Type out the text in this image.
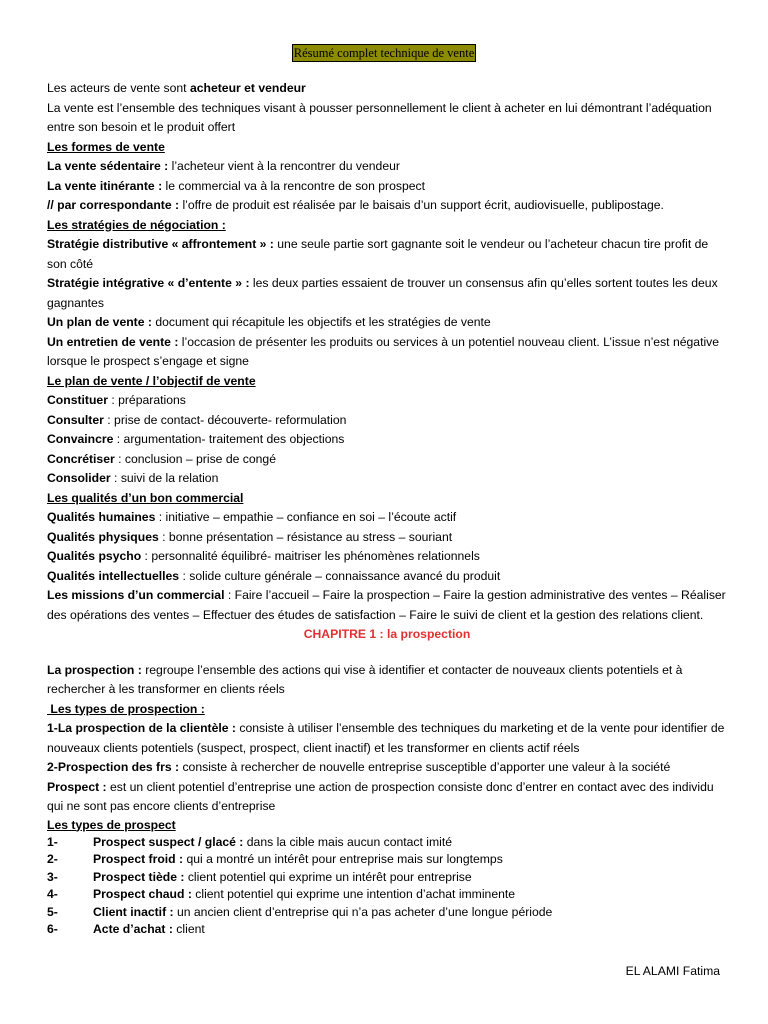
Résumé complet technique de vente

Les acteurs de vente sont acheteur et vendeur

La vente est l’ensemble des techniques visant à pousser personnellement le client à acheter en lui démontrant l’adéquation entre son besoin et le produit offert

Les formes de vente

La vente sédentaire : l’acheteur vient à la rencontrer du vendeur

La vente itinérante : le commercial va à la rencontre de son prospect

// par correspondante : l’offre de produit est réalisée par le baisais d’un support écrit, audiovisuelle, publipostage.

Les stratégies de négociation :

Stratégie distributive « affrontement » : une seule partie sort gagnante soit le vendeur ou l’acheteur chacun tire profit de son côté

Stratégie intégrative « d’entente » : les deux parties essaient de trouver un consensus afin qu’elles sortent toutes les deux gagnantes

Un plan de vente : document qui récapitule les objectifs et les stratégies de vente

Un entretien de vente : l’occasion de présenter les produits ou services à un potentiel nouveau client. L’issue n’est négative lorsque le prospect s’engage et signe

Le plan de vente / l’objectif de vente

Constituer : préparations

Consulter : prise de contact- découverte- reformulation

Convaincre : argumentation- traitement des objections

Concrétiser : conclusion – prise de congé

Consolider : suivi de la relation

Les qualités d’un bon commercial

Qualités humaines : initiative – empathie – confiance en soi – l’écoute actif

Qualités physiques : bonne présentation – résistance au stress – souriant

Qualités psycho : personnalité équilibré- maitriser les phénomènes relationnels

Qualités intellectuelles : solide culture générale – connaissance avancé du produit

Les missions d’un commercial : Faire l’accueil – Faire la prospection – Faire la gestion administrative des ventes – Réaliser des opérations des ventes – Effectuer des études de satisfaction – Faire le suivi de client et la gestion des relations client.

CHAPITRE 1 : la prospection

La prospection : regroupe l’ensemble des actions qui vise à identifier et contacter de nouveaux clients potentiels et à rechercher à les transformer en clients réels

Les types de prospection :

1-La prospection de la clientèle : consiste à utiliser l’ensemble des techniques du marketing et de la vente pour identifier de nouveaux clients potentiels (suspect, prospect, client inactif) et les transformer en clients actif réels

2-Prospection des frs : consiste à rechercher de nouvelle entreprise susceptible d’apporter une valeur à la société

Prospect : est un client potentiel d’entreprise une action de prospection consiste donc d’entrer en contact avec des individu qui ne sont pas encore clients d’entreprise

Les types de prospect

1-	Prospect suspect / glacé : dans la cible mais aucun contact imité
2-	Prospect froid : qui a montré un intérêt pour entreprise mais sur longtemps
3-	Prospect tiède : client potentiel qui exprime un intérêt pour entreprise
4-	Prospect chaud : client potentiel qui exprime une intention d’achat imminente
5-	Client inactif : un ancien client d’entreprise qui n’a pas acheter d’une longue période
6-	Acte d’achat : client
EL ALAMI Fatima
